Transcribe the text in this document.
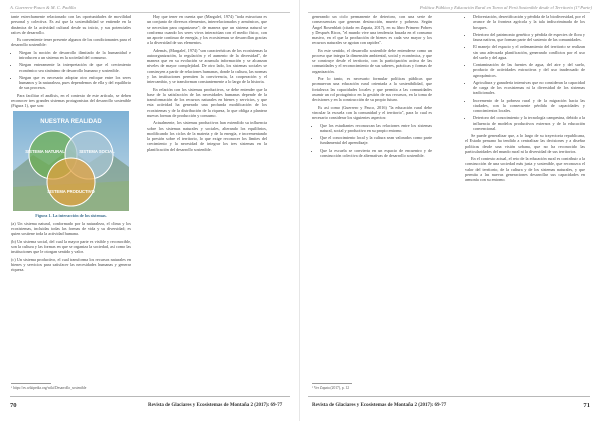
A. Guerrero-Pasco & M. C. Padilla

tante estrechamente relacionado con las oportunidades de movilidad personal y colectiva. Es así que la sostenibilidad se entiende en la dinámica de la actividad cultural desde su inicio, y sus potenciales raíces de desarrollo.

Es conveniente tener presente algunos de los condicionantes para el desarrollo sostenible:

• Niegan la noción de desarrollo ilimitado de la humanidad e introducen a un sistema en la sociedad del consumo.
• Niegan enteramente la interpretación de que el crecimiento económico sea sinónimo de desarrollo humano y sostenible.
• Niegan que es necesario adoptar otro enfoque entre los seres humanos y la naturaleza, pues dependemos de ella y del equilibrio de sus procesos.

Para facilitar el análisis, en el contexto de este artículo, se deben reconocer tres grandes sistemas protagonistas del desarrollo sostenible (Figura 1), que son:

NUESTRA REALIDAD
SISTEMA NATURAL	SISTEMA SOCIAL
SISTEMA PRODUCTIVO
Figura 1. La interacción de los sistemas.

(a) Un sistema natural, conformado por la naturaleza, el clima y los ecosistemas, incluidas todas las formas de vida y su diversidad; es quien sostiene toda la actividad humana.

(b) Un sistema social, del cual la mayor parte es visible y reconocible, son la cultura y las formas en que se organiza la sociedad, así como las instituciones que le otorgan sentido y valor.

(c) Un sistema productivo, el cual transforma los recursos naturales en bienes y servicios para satisfacer las necesidades humanas y generar riqueza.

¹ https://es.wikipedia.org/wiki/Desarrollo_sostenible

Hay que tener en cuenta que (Margalef, 1974) "toda estructura es un conjunto de diversos elementos, interrelacionados y armónicos, que se necesitan para organizarse"; de manera que un sistema natural se conforma cuando los seres vivos interactúan con el medio físico, con un aporte continuo de energía, y los ecosistemas se desarrollan gracias a la diversidad de sus elementos.

Además, (Margalef, 1974) "son características de los ecosistemas la autoorganización, la regulación y el aumento de la diversidad", de manera que en su evolución se acumula información y se alcanzan niveles de mayor complejidad. De otro lado, los sistemas sociales se construyen a partir de relaciones humanas, donde la cultura, las normas y las instituciones permiten la convivencia, la cooperación y el intercambio, y se transforman constantemente a lo largo de la historia.

En relación con los sistemas productivos, se debe entender que la base de la satisfacción de las necesidades humanas depende de la transformación de los recursos naturales en bienes y servicios, y que esta actividad ha generado una profunda modificación de los ecosistemas y de la distribución de la riqueza, lo que obliga a plantear nuevas formas de producción y consumo.

Actualmente, los sistemas productivos han extendido su influencia sobre los sistemas naturales y sociales, alterando los equilibrios, modificando los ciclos de la materia y de la energía, e incrementando la presión sobre el territorio, lo que exige reconocer los límites del crecimiento y la necesidad de integrar los tres sistemas en la planificación del desarrollo sostenible.

70	Revista de Glaciares y Ecosistemas de Montaña 2 (2017): 69-77
Política Pública y Educación Rural en Torno al Perú Sostenible desde el Territorio (1ª Parte)

generando un ciclo permanente de deterioro, con una serie de consecuencias que generan destrucción, muerte y pobreza. Según Ángel Rosenblatt (citado en Zapata, 2017), en su libro Primero Pobres y Después Ricos, "el mundo vive una tendencia basada en el consumo masivo, en el que la producción de bienes es cada vez mayor y los recursos naturales se agotan con rapidez".

En este sentido, el desarrollo sostenible debe entenderse como un proceso que integra la dimensión ambiental, social y económica, y que se construye desde el territorio, con la participación activa de las comunidades y el reconocimiento de sus saberes, prácticas y formas de organización.

Por lo tanto, es necesario formular políticas públicas que promuevan una educación rural orientada a la sostenibilidad, que fortalezca las capacidades locales y que permita a las comunidades asumir un rol protagónico en la gestión de sus recursos, en la toma de decisiones y en la construcción de su propio futuro.

Es así como (Guerrero y Pasco, 2016) "la educación rural debe vincular la escuela con la comunidad y el territorio", para lo cual es necesario considerar los siguientes aspectos:

• Que los estudiantes reconozcan las relaciones entre los sistemas natural, social y productivo en su propio entorno.
• Que el conocimiento local y la cultura sean valorados como parte fundamental del aprendizaje.
• Que la escuela se convierta en un espacio de encuentro y de construcción colectiva de alternativas de desarrollo sostenible.
² Ver Zapata (2017), p. 12
• Deforestación, desertificación y pérdida de la biodiversidad, por el avance de la frontera agrícola y la tala indiscriminada de los bosques.
• Deterioro del patrimonio genético y pérdida de especies de flora y fauna nativas, que forman parte del sustento de las comunidades.
• El manejo del espacio y el ordenamiento del territorio se realizan sin una adecuada planificación, generando conflictos por el uso del suelo y del agua.
• Contaminación de las fuentes de agua, del aire y del suelo, producto de actividades extractivas y del uso inadecuado de agroquímicos.
• Agricultura y ganadería intensivas que no consideran la capacidad de carga de los ecosistemas ni la diversidad de los sistemas tradicionales.
• Incremento de la pobreza rural y de la migración hacia las ciudades, con la consecuente pérdida de capacidades y conocimientos locales.
• Deterioro del conocimiento y la tecnología campesina, debido a la influencia de modelos productivos externos y de la educación convencional.

Se puede generalizar que, a lo largo de su trayectoria republicana, el Estado peruano ha tendido a centralizar las decisiones y a diseñar políticas desde una visión urbana, que no ha reconocido las particularidades del mundo rural ni la diversidad de sus territorios.

En el contexto actual, el reto de la educación rural es contribuir a la construcción de una sociedad más justa y sostenible, que reconozca el valor del territorio, de la cultura y de los sistemas naturales, y que permita a las nuevas generaciones desarrollar sus capacidades en armonía con su entorno.

Revista de Glaciares y Ecosistemas de Montaña 2 (2017): 69-77	71
